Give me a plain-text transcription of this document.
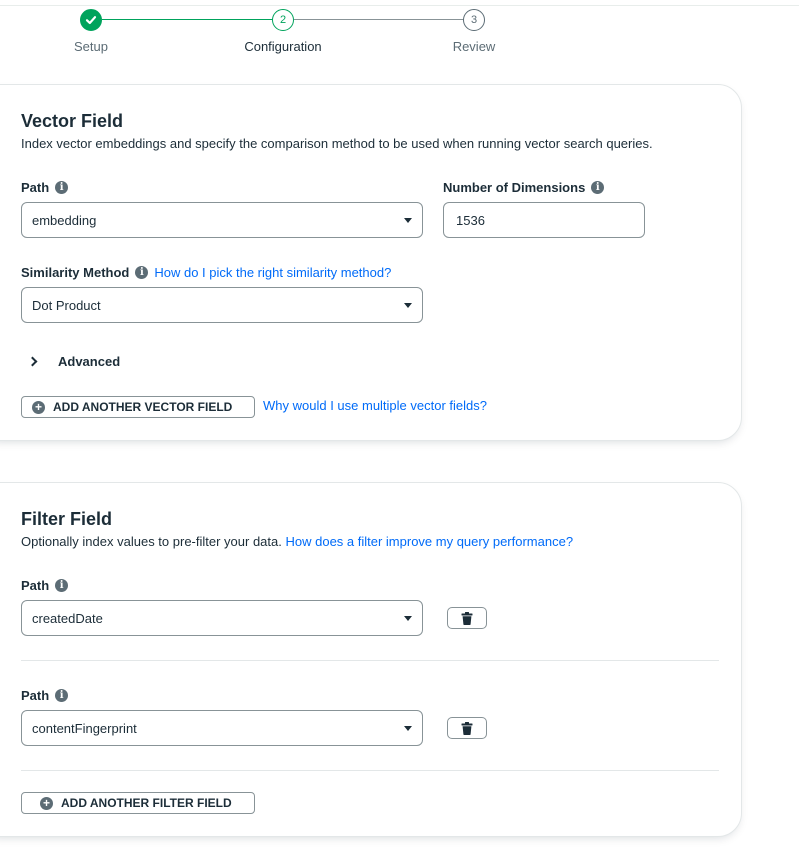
2	3
Setup	Configuration	Review
Vector Field
Index vector embeddings and specify the comparison method to be used when running vector search queries.
Path	i
embedding
Number of Dimensions	i
1536
Similarity Method	i How do I pick the right similarity method?
Dot Product
Advanced
+ ADD ANOTHER VECTOR FIELD Why would I use multiple vector fields?
Filter Field
Optionally index values to pre-filter your data. How does a filter improve my query performance?
Path	i
createdDate
Path	i
contentFingerprint
+ ADD ANOTHER FILTER FIELD
